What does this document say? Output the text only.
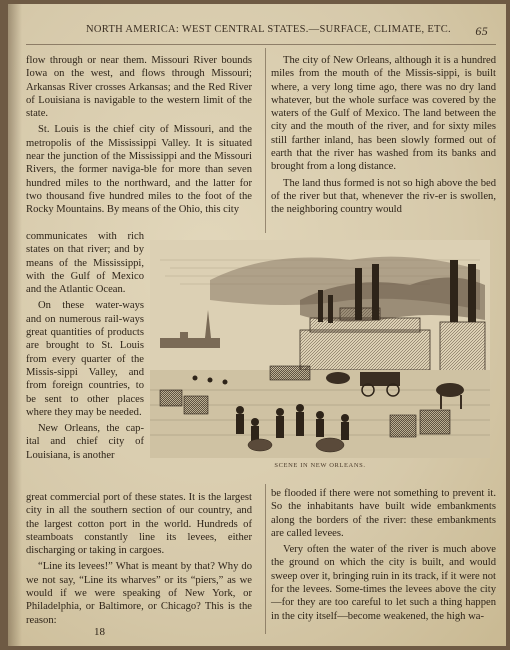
NORTH AMERICA: WEST CENTRAL STATES.—SURFACE, CLIMATE, ETC. 65

flow through or near them. Missouri River bounds Iowa on the west, and flows through Missouri; Arkansas River crosses Arkansas; and the Red River of Louisiana is navigable to the western limit of the state.

St. Louis is the chief city of Missouri, and the metropolis of the Mississippi Valley. It is situated near the junction of the Mississippi and the Missouri Rivers, the former naviga-ble for more than seven hundred miles to the northward, and the latter for two thousand five hundred miles to the foot of the Rocky Mountains. By means of the Ohio, this city

communicates with rich states on that river; and by means of the Mississippi, with the Gulf of Mexico and the Atlantic Ocean.

On these water-ways and on numerous rail-ways great quantities of products are brought to St. Louis from every quarter of the Missis-sippi Valley, and from foreign countries, to be sent to other places where they may be needed.

New Orleans, the cap-ital and chief city of Louisiana, is another

great commercial port of these states. It is the largest city in all the southern section of our country, and the largest cotton port in the world. Hundreds of steamboats constantly line its levees, either discharging or taking in cargoes.

“Line its levees!” What is meant by that? Why do we not say, “Line its wharves” or its “piers,” as we would if we were speaking of New York, or Philadelphia, or Baltimore, or Chicago? This is the reason:

The city of New Orleans, although it is a hundred miles from the mouth of the Missis-sippi, is built where, a very long time ago, there was no dry land whatever, but the whole surface was covered by the waters of the Gulf of Mexico. The land between the city and the mouth of the river, and for sixty miles still farther inland, has been slowly formed out of earth that the river has washed from its banks and brought from a long distance.

The land thus formed is not so high above the bed of the river but that, whenever the riv-er is swollen, the neighboring country would

be flooded if there were not something to prevent it. So the inhabitants have built wide embankments along the borders of the river: these embankments are called levees.

Very often the water of the river is much above the ground on which the city is built, and would sweep over it, bringing ruin in its track, if it were not for the levees. Some-times the levees above the city—for they are too careful to let such a thing happen in the city itself—become weakened, the high wa-

SCENE IN NEW ORLEANS.
18
